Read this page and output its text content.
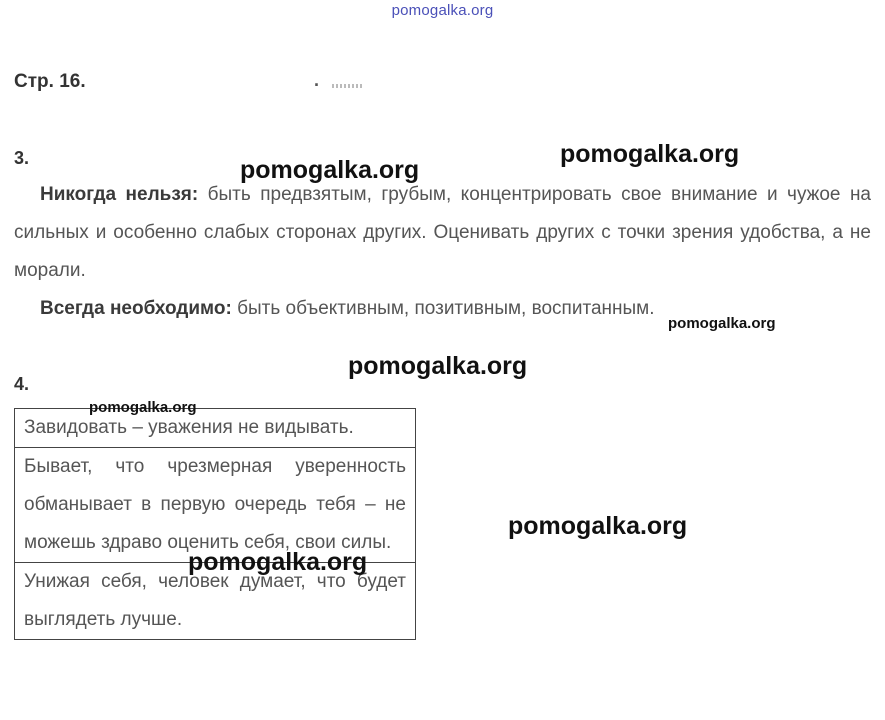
pomogalka.org
Стр. 16.	.
3.
Никогда нельзя: быть предвзятым, грубым, концентрировать свое внимание и чужое на сильных и особенно слабых сторонах других. Оценивать других с точки зрения удобства, а не морали.
Всегда необходимо: быть объективным, позитивным, воспитанным.
4.
Завидовать – уважения не видывать.
Бывает, что чрезмерная уверенность обманывает в первую очередь тебя – не можешь здраво оценить себя, свои силы.
Унижая себя, человек думает, что будет выглядеть лучше.
pomogalka.org
pomogalka.org
pomogalka.org
pomogalka.org
pomogalka.org
pomogalka.org
pomogalka.org
